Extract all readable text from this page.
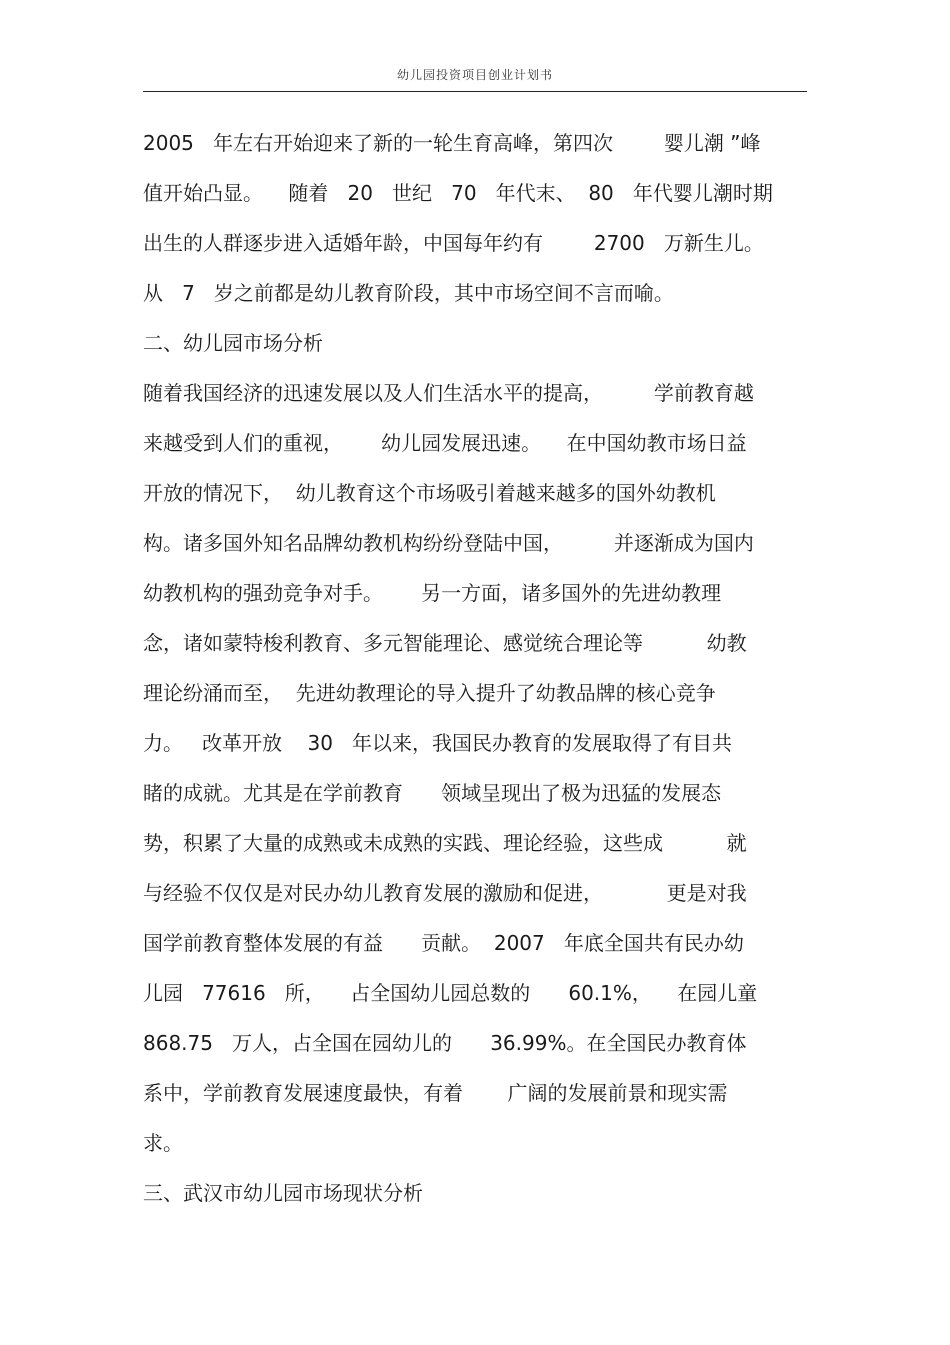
幼儿园投资项目创业计划书
2005   年左右开始迎来了新的一轮生育高峰，第四次        婴儿潮 ”峰
值开始凸显。    随着   20   世纪   70   年代末、  80   年代婴儿潮时期
出生的人群逐步进入适婚年龄，中国每年约有        2700   万新生儿。
从   7   岁之前都是幼儿教育阶段，其中市场空间不言而喻。
二、幼儿园市场分析
随着我国经济的迅速发展以及人们生活水平的提高，        学前教育越
来越受到人们的重视，      幼儿园发展迅速。    在中国幼教市场日益
开放的情况下，  幼儿教育这个市场吸引着越来越多的国外幼教机
构。诸多国外知名品牌幼教机构纷纷登陆中国，        并逐渐成为国内
幼教机构的强劲竞争对手。      另一方面，诸多国外的先进幼教理
念，诸如蒙特梭利教育、多元智能理论、感觉统合理论等          幼教
理论纷涌而至，  先进幼教理论的导入提升了幼教品牌的核心竞争
力。   改革开放    30   年以来，我国民办教育的发展取得了有目共
睹的成就。尤其是在学前教育      领域呈现出了极为迅猛的发展态
势，积累了大量的成熟或未成熟的实践、理论经验，这些成          就
与经验不仅仅是对民办幼儿教育发展的激励和促进，          更是对我
国学前教育整体发展的有益      贡献。  2007   年底全国共有民办幼
儿园   77616   所，    占全国幼儿园总数的      60.1%，    在园儿童
868.75   万人，占全国在园幼儿的      36.99%。在全国民办教育体
系中，学前教育发展速度最快，有着       广阔的发展前景和现实需
求。
三、武汉市幼儿园市场现状分析
